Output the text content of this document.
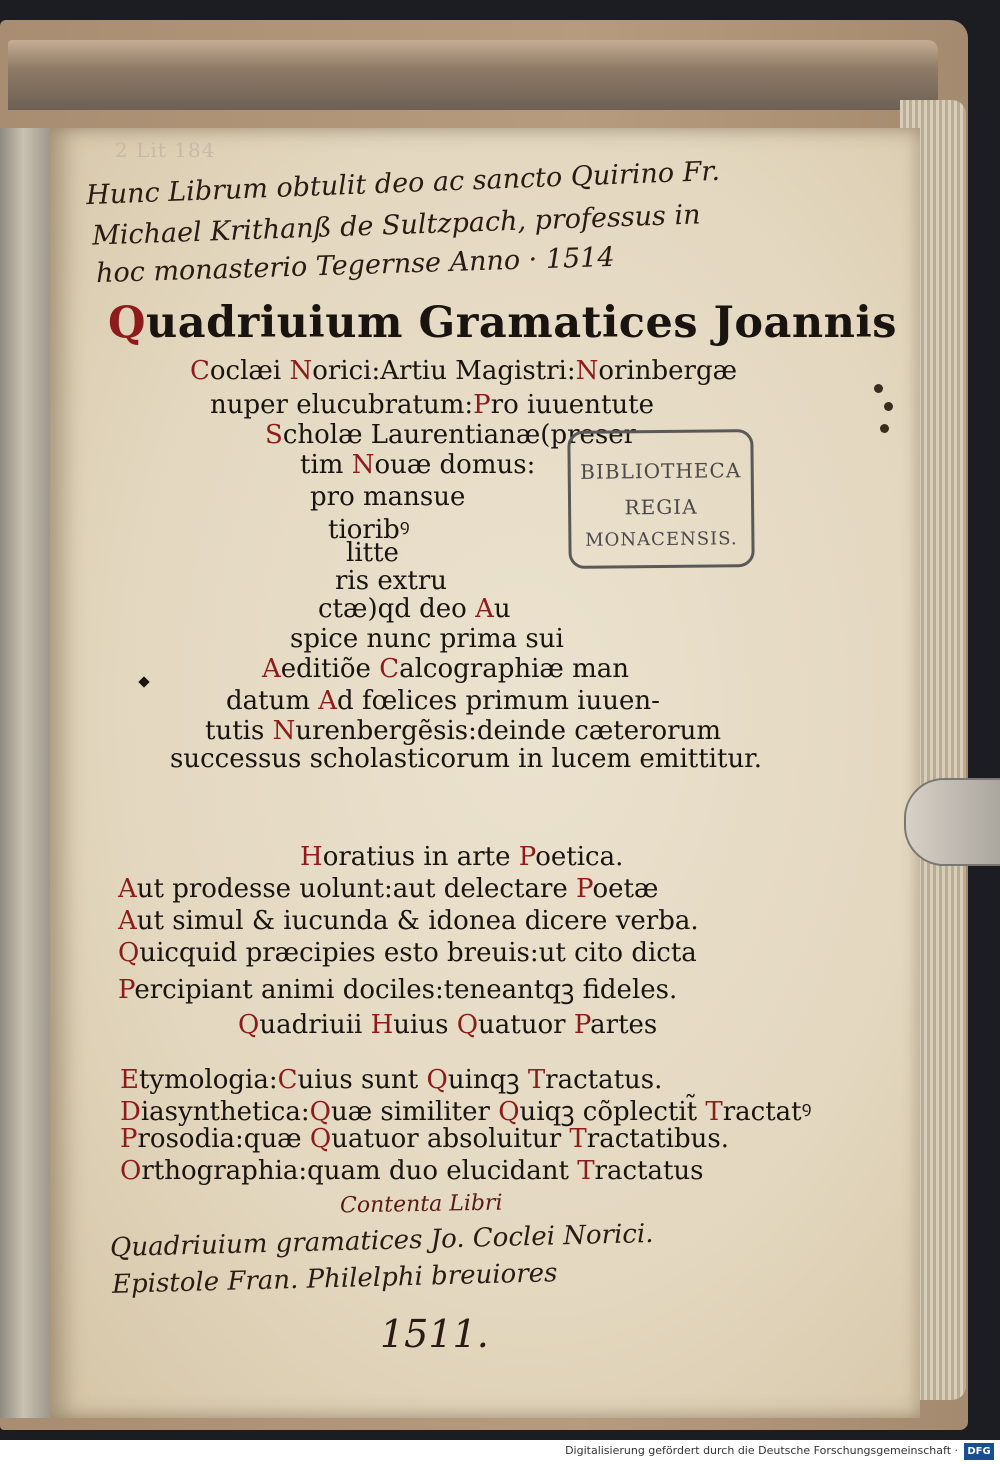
2 Lit 184

Hunc Librum obtulit deo ac sancto Quirino Fr.

Michael Krithanß de Sultzpach, professus in

hoc monasterio Tegernse Anno · 1514

Quadriuium Gramatices Joannis

Coclæi Norici:Artiu Magistri:Norinbergæ

nuper elucubratum:Pro iuuentute

Scholæ Laurentianæ(preser

tim Nouæ domus:

pro mansue

tioribꝰ

litte

ris extru

ctæ)qd deo Au

spice nunc prima sui

Aeditiõe Calcographiæ man

datum Ad fœlices primum iuuen-

tutis Nurenbergẽsis:deinde cæterorum

successus scholasticorum in lucem emittitur.

Horatius in arte Poetica.

Aut prodesse uolunt:aut delectare Poetæ

Aut simul & iucunda & idonea dicere verba.

Quicquid præcipies esto breuis:ut cito dicta

Percipiant animi dociles:teneantqꝫ fideles.

Quadriuii Huius Quatuor Partes

Etymologia:Cuius sunt Quinqꝫ Tractatus.

Diasynthetica:Quæ similiter Quiqꝫ cõplectit̃ Tractatꝰ

Prosodia:quæ Quatuor absoluitur Tractatibus.

Orthographia:quam duo elucidant Tractatus

Contenta Libri

Quadriuium gramatices Jo. Coclei Norici.

Epistole Fran. Philelphi breuiores

1511.

BIBLIOTHECA

REGIA

MONACENSIS.

Digitalisierung gefördert durch die Deutsche Forschungsgemeinschaft · DFG
